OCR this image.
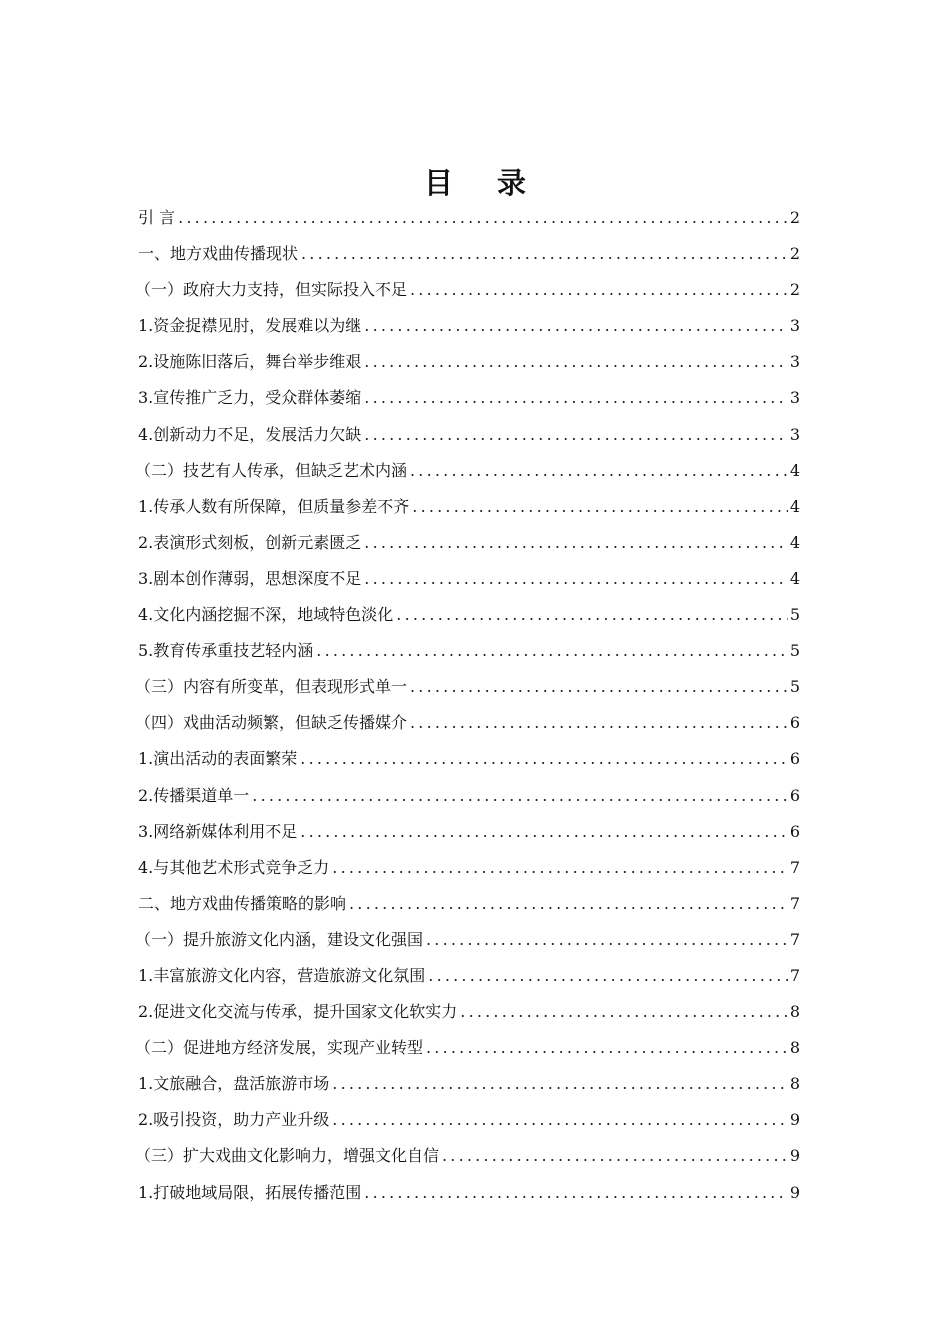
目 录
引 言 .....	2
一、地方戏曲传播现状 .....	2
（一）政府大力支持，但实际投入不足 .....	2
1.资金捉襟见肘，发展难以为继 .....	3
2.设施陈旧落后，舞台举步维艰 .....	3
3.宣传推广乏力，受众群体萎缩 .....	3
4.创新动力不足，发展活力欠缺 .....	3
（二）技艺有人传承，但缺乏艺术内涵 .....	4
1.传承人数有所保障，但质量参差不齐 .....	4
2.表演形式刻板，创新元素匮乏 .....	4
3.剧本创作薄弱，思想深度不足 .....	4
4.文化内涵挖掘不深，地域特色淡化 .....	5
5.教育传承重技艺轻内涵 .....	5
（三）内容有所变革，但表现形式单一 .....	5
（四）戏曲活动频繁，但缺乏传播媒介 .....	6
1.演出活动的表面繁荣 .....	6
2.传播渠道单一 .....	6
3.网络新媒体利用不足 .....	6
4.与其他艺术形式竞争乏力 .....	7
二、地方戏曲传播策略的影响 .....	7
（一）提升旅游文化内涵，建设文化强国 .....	7
1.丰富旅游文化内容，营造旅游文化氛围 .....	7
2.促进文化交流与传承，提升国家文化软实力 .....	8
（二）促进地方经济发展，实现产业转型 .....	8
1.文旅融合，盘活旅游市场 .....	8
2.吸引投资，助力产业升级 .....	9
（三）扩大戏曲文化影响力，增强文化自信 .....	9
1.打破地域局限，拓展传播范围 .....	9
